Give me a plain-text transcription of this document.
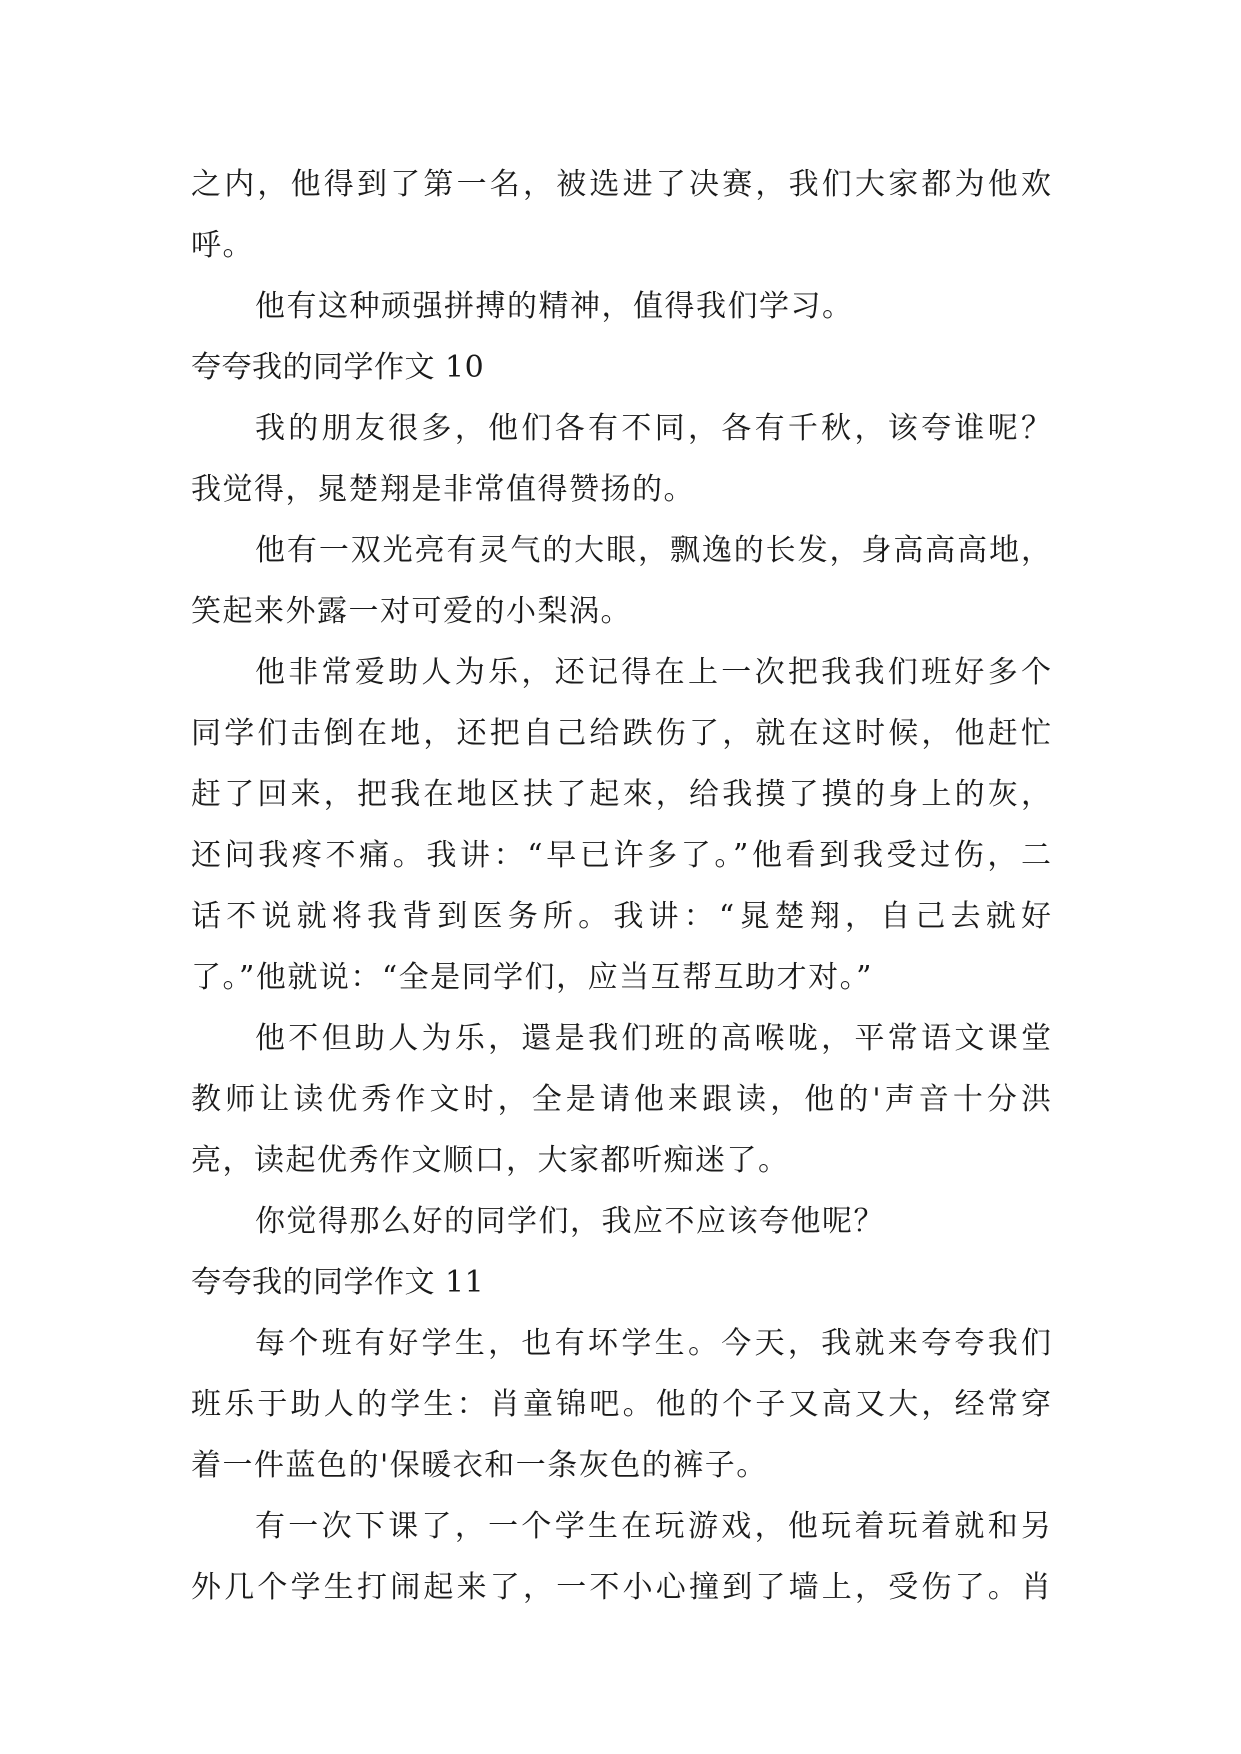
之内，他得到了第一名，被选进了决赛，我们大家都为他欢
呼。
他有这种顽强拼搏的精神，值得我们学习。
夸夸我的同学作文 10
我的朋友很多，他们各有不同，各有千秋，该夸谁呢？
我觉得，晁楚翔是非常值得赞扬的。
他有一双光亮有灵气的大眼，飘逸的长发，身高高高地，
笑起来外露一对可爱的小梨涡。
他非常爱助人为乐，还记得在上一次把我我们班好多个
同学们击倒在地，还把自己给跌伤了，就在这时候，他赶忙
赶了回来，把我在地区扶了起來，给我摸了摸的身上的灰，
还问我疼不痛。我讲：“早已许多了。”他看到我受过伤，二
话不说就将我背到医务所。我讲：“晁楚翔，自己去就好
了。”他就说：“全是同学们，应当互帮互助才对。”
他不但助人为乐，還是我们班的高喉咙，平常语文课堂
教师让读优秀作文时，全是请他来跟读，他的'声音十分洪
亮，读起优秀作文顺口，大家都听痴迷了。
你觉得那么好的同学们，我应不应该夸他呢？
夸夸我的同学作文 11
每个班有好学生，也有坏学生。今天，我就来夸夸我们
班乐于助人的学生：肖童锦吧。他的个子又高又大，经常穿
着一件蓝色的'保暖衣和一条灰色的裤子。
有一次下课了，一个学生在玩游戏，他玩着玩着就和另
外几个学生打闹起来了，一不小心撞到了墙上，受伤了。肖
